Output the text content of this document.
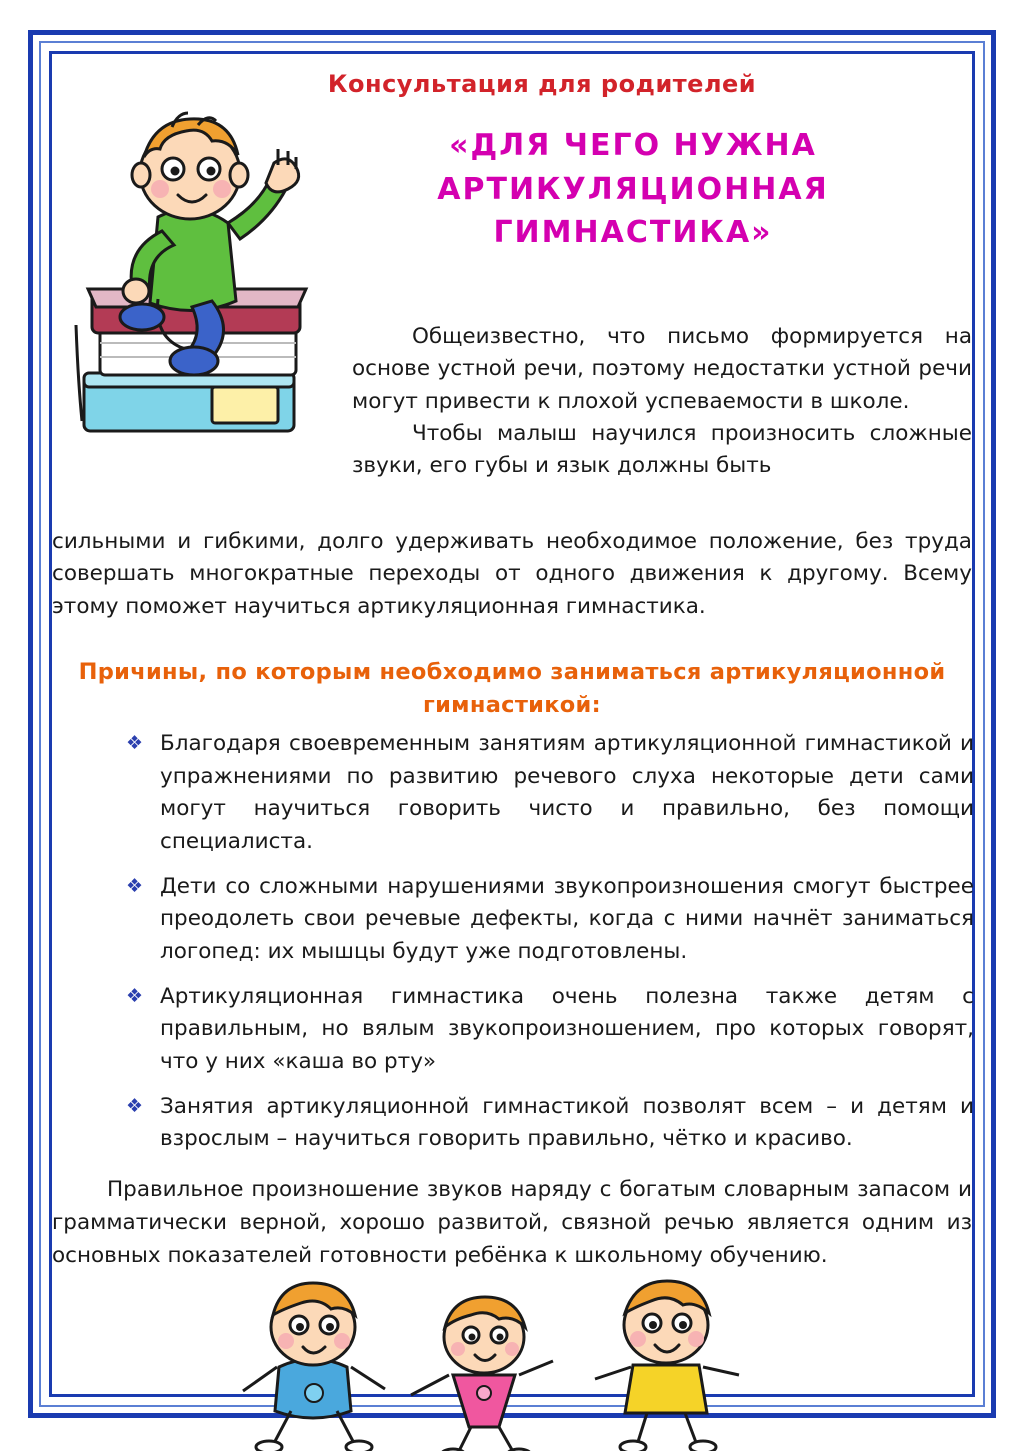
Консультация для родителей
«ДЛЯ ЧЕГО НУЖНА
АРТИКУЛЯЦИОННАЯ ГИМНАСТИКА»

Общеизвестно, что письмо формируется на основе устной речи, поэтому недостатки устной речи могут привести к плохой успеваемости в школе.

Чтобы малыш научился произносить сложные звуки, его губы и язык должны быть

сильными и гибкими, долго удерживать необходимое положение, без труда совершать многократные переходы от одного движения к другому. Всему этому поможет научиться артикуляционная гимнастика.

Причины, по которым необходимо заниматься артикуляционной гимнастикой:
❖ Благодаря своевременным занятиям артикуляционной гимнастикой и упражнениями по развитию речевого слуха некоторые дети сами могут научиться говорить чисто и правильно, без помощи специалиста.
❖ Дети со сложными нарушениями звукопроизношения смогут быстрее преодолеть свои речевые дефекты, когда с ними начнёт заниматься логопед: их мышцы будут уже подготовлены.
❖ Артикуляционная гимнастика очень полезна также детям с правильным, но вялым звукопроизношением, про которых говорят, что у них «каша во рту»
❖ Занятия артикуляционной гимнастикой позволят всем – и детям и взрослым – научиться говорить правильно, чётко и красиво.

Правильное произношение звуков наряду с богатым словарным запасом и грамматически верной, хорошо развитой, связной речью является одним из основных показателей готовности ребёнка к школьному обучению.
